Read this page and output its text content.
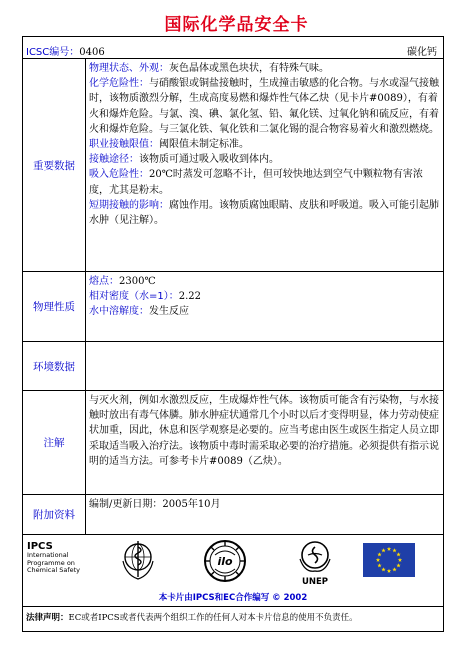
国际化学品安全卡
ICSC编号：0406	碳化钙
重要数据
物理状态、外观：灰色晶体或黑色块状，有特殊气味。
化学危险性：与硝酸银或铜盐接触时，生成撞击敏感的化合物。与水或湿气接触时，该物质激烈分解，生成高度易燃和爆炸性气体乙炔（见卡片#0089），有着火和爆炸危险。与氯、溴、碘、氯化氢、铅、氟化镁、过氧化钠和硫反应，有着火和爆炸危险。与三氯化铁、氧化铁和二氯化锡的混合物容易着火和激烈燃烧。
职业接触限值：阈限值未制定标准。
接触途径：该物质可通过吸入吸收到体内。
吸入危险性：20℃时蒸发可忽略不计，但可较快地达到空气中颗粒物有害浓度，尤其是粉末。
短期接触的影响：腐蚀作用。该物质腐蚀眼睛、皮肤和呼吸道。吸入可能引起肺水肿（见注解）。
物理性质
熔点：2300℃
相对密度（水=1）：2.22
水中溶解度：发生反应
环境数据
注解
与灭火剂，例如水激烈反应，生成爆炸性气体。该物质可能含有污染物，与水接触时放出有毒气体膦。肺水肿症状通常几个小时以后才变得明显，体力劳动使症状加重，因此，休息和医学观察是必要的。应当考虑由医生或医生指定人员立即采取适当吸入治疗法。该物质中毒时需采取必要的治疗措施。必须提供有指示说明的适当方法。可参考卡片#0089（乙炔）。
附加资料
编制/更新日期：2005年10月
IPCS
International
Programme on
Chemical Safety
ilo
UNEP
本卡片由IPCS和EC合作编写 © 2002
法律声明：EC或者IPCS或者代表两个组织工作的任何人对本卡片信息的使用不负责任。
